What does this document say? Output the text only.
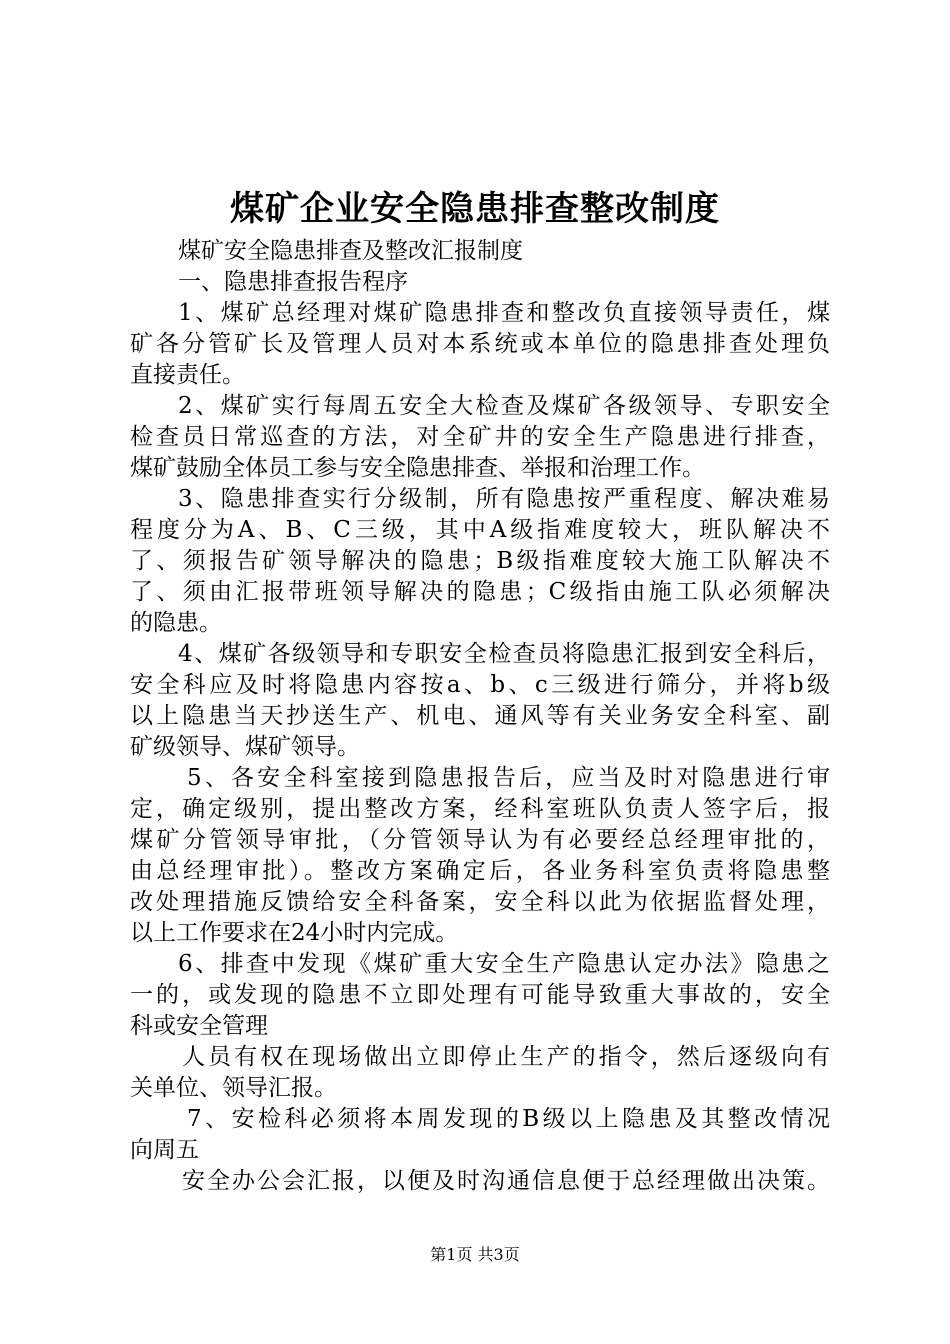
煤矿企业安全隐患排查整改制度
煤矿安全隐患排查及整改汇报制度
一、隐患排查报告程序
1、煤矿总经理对煤矿隐患排查和整改负直接领导责任，煤
矿各分管矿长及管理人员对本系统或本单位的隐患排查处理负
直接责任。
2、煤矿实行每周五安全大检查及煤矿各级领导、专职安全
检查员日常巡查的方法，对全矿井的安全生产隐患进行排查，
煤矿鼓励全体员工参与安全隐患排查、举报和治理工作。
3、隐患排查实行分级制，所有隐患按严重程度、解决难易
程度分为A、B、C三级，其中A级指难度较大，班队解决不
了、须报告矿领导解决的隐患；B级指难度较大施工队解决不
了、须由汇报带班领导解决的隐患；C级指由施工队必须解决
的隐患。
4、煤矿各级领导和专职安全检查员将隐患汇报到安全科后，
安全科应及时将隐患内容按a、b、c三级进行筛分，并将b级
以上隐患当天抄送生产、机电、通风等有关业务安全科室、副
矿级领导、煤矿领导。
5、各安全科室接到隐患报告后，应当及时对隐患进行审
定，确定级别，提出整改方案，经科室班队负责人签字后，报
煤矿分管领导审批，（分管领导认为有必要经总经理审批的，
由总经理审批）。整改方案确定后，各业务科室负责将隐患整
改处理措施反馈给安全科备案，安全科以此为依据监督处理，
以上工作要求在24小时内完成。
6、排查中发现《煤矿重大安全生产隐患认定办法》隐患之
一的，或发现的隐患不立即处理有可能导致重大事故的，安全
科或安全管理
人员有权在现场做出立即停止生产的指令，然后逐级向有
关单位、领导汇报。
7、安检科必须将本周发现的B级以上隐患及其整改情况
向周五
安全办公会汇报，以便及时沟通信息便于总经理做出决策。
第1页 共3页
